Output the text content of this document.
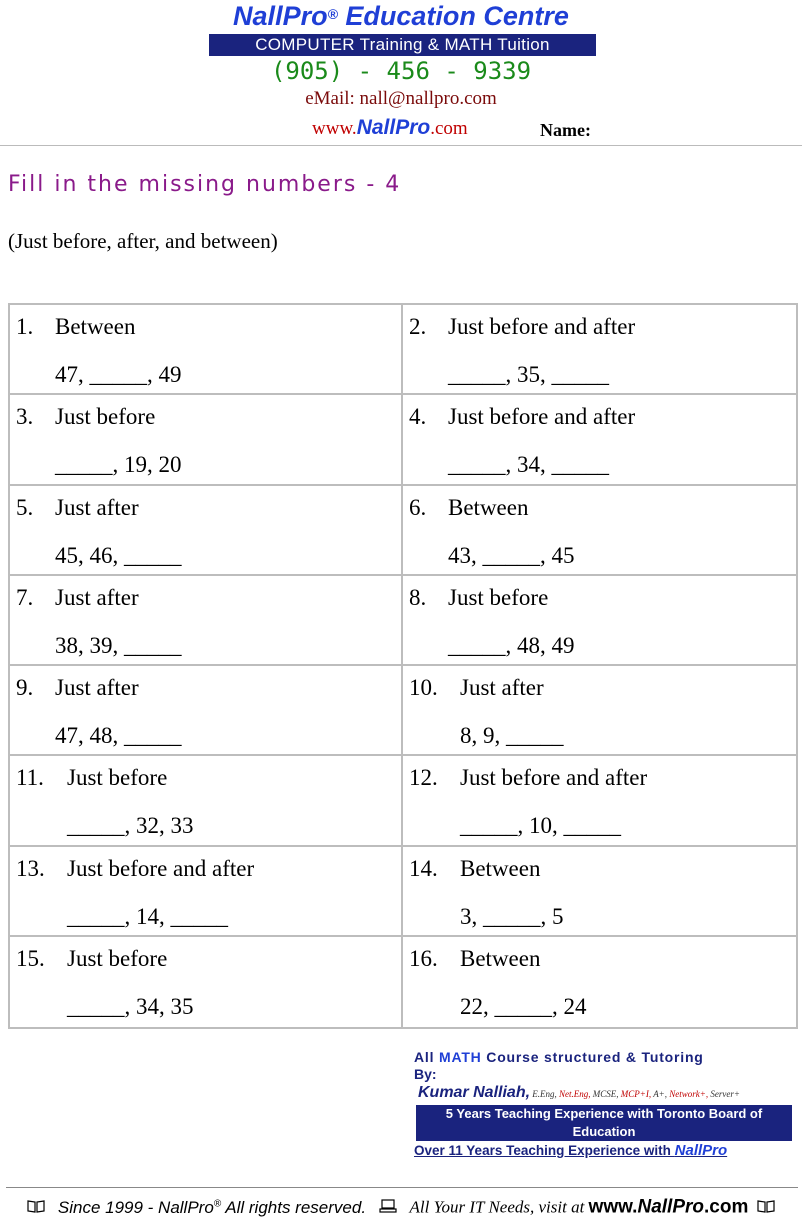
NallPro® Education Centre
COMPUTER Training & MATH Tuition
(905) - 456 - 9339
eMail: nall@nallpro.com
www.NallPro.com	Name:
Fill in the missing numbers - 4
(Just before, after, and between)
1. Between
47, _____, 49
2. Just before and after
_____, 35, _____
3. Just before
_____, 19, 20
4. Just before and after
_____, 34, _____
5. Just after
45, 46, _____
6. Between
43, _____, 45
7. Just after
38, 39, _____
8. Just before
_____, 48, 49
9. Just after
47, 48, _____
10. Just after
8, 9, _____
11. Just before
_____, 32, 33
12. Just before and after
_____, 10, _____
13. Just before and after
_____, 14, _____
14. Between
3, _____, 5
15. Just before
_____, 34, 35
16. Between
22, _____, 24
All MATH Course structured & Tutoring
By:
Kumar Nalliah, E.Eng, Net.Eng, MCSE, MCP+I, A+, Network+, Server+
5 Years Teaching Experience with Toronto Board of Education
Over 11 Years Teaching Experience with NallPro
Since 1999 - NallPro® All rights reserved.	All Your IT Needs, visit at www.NallPro.com
